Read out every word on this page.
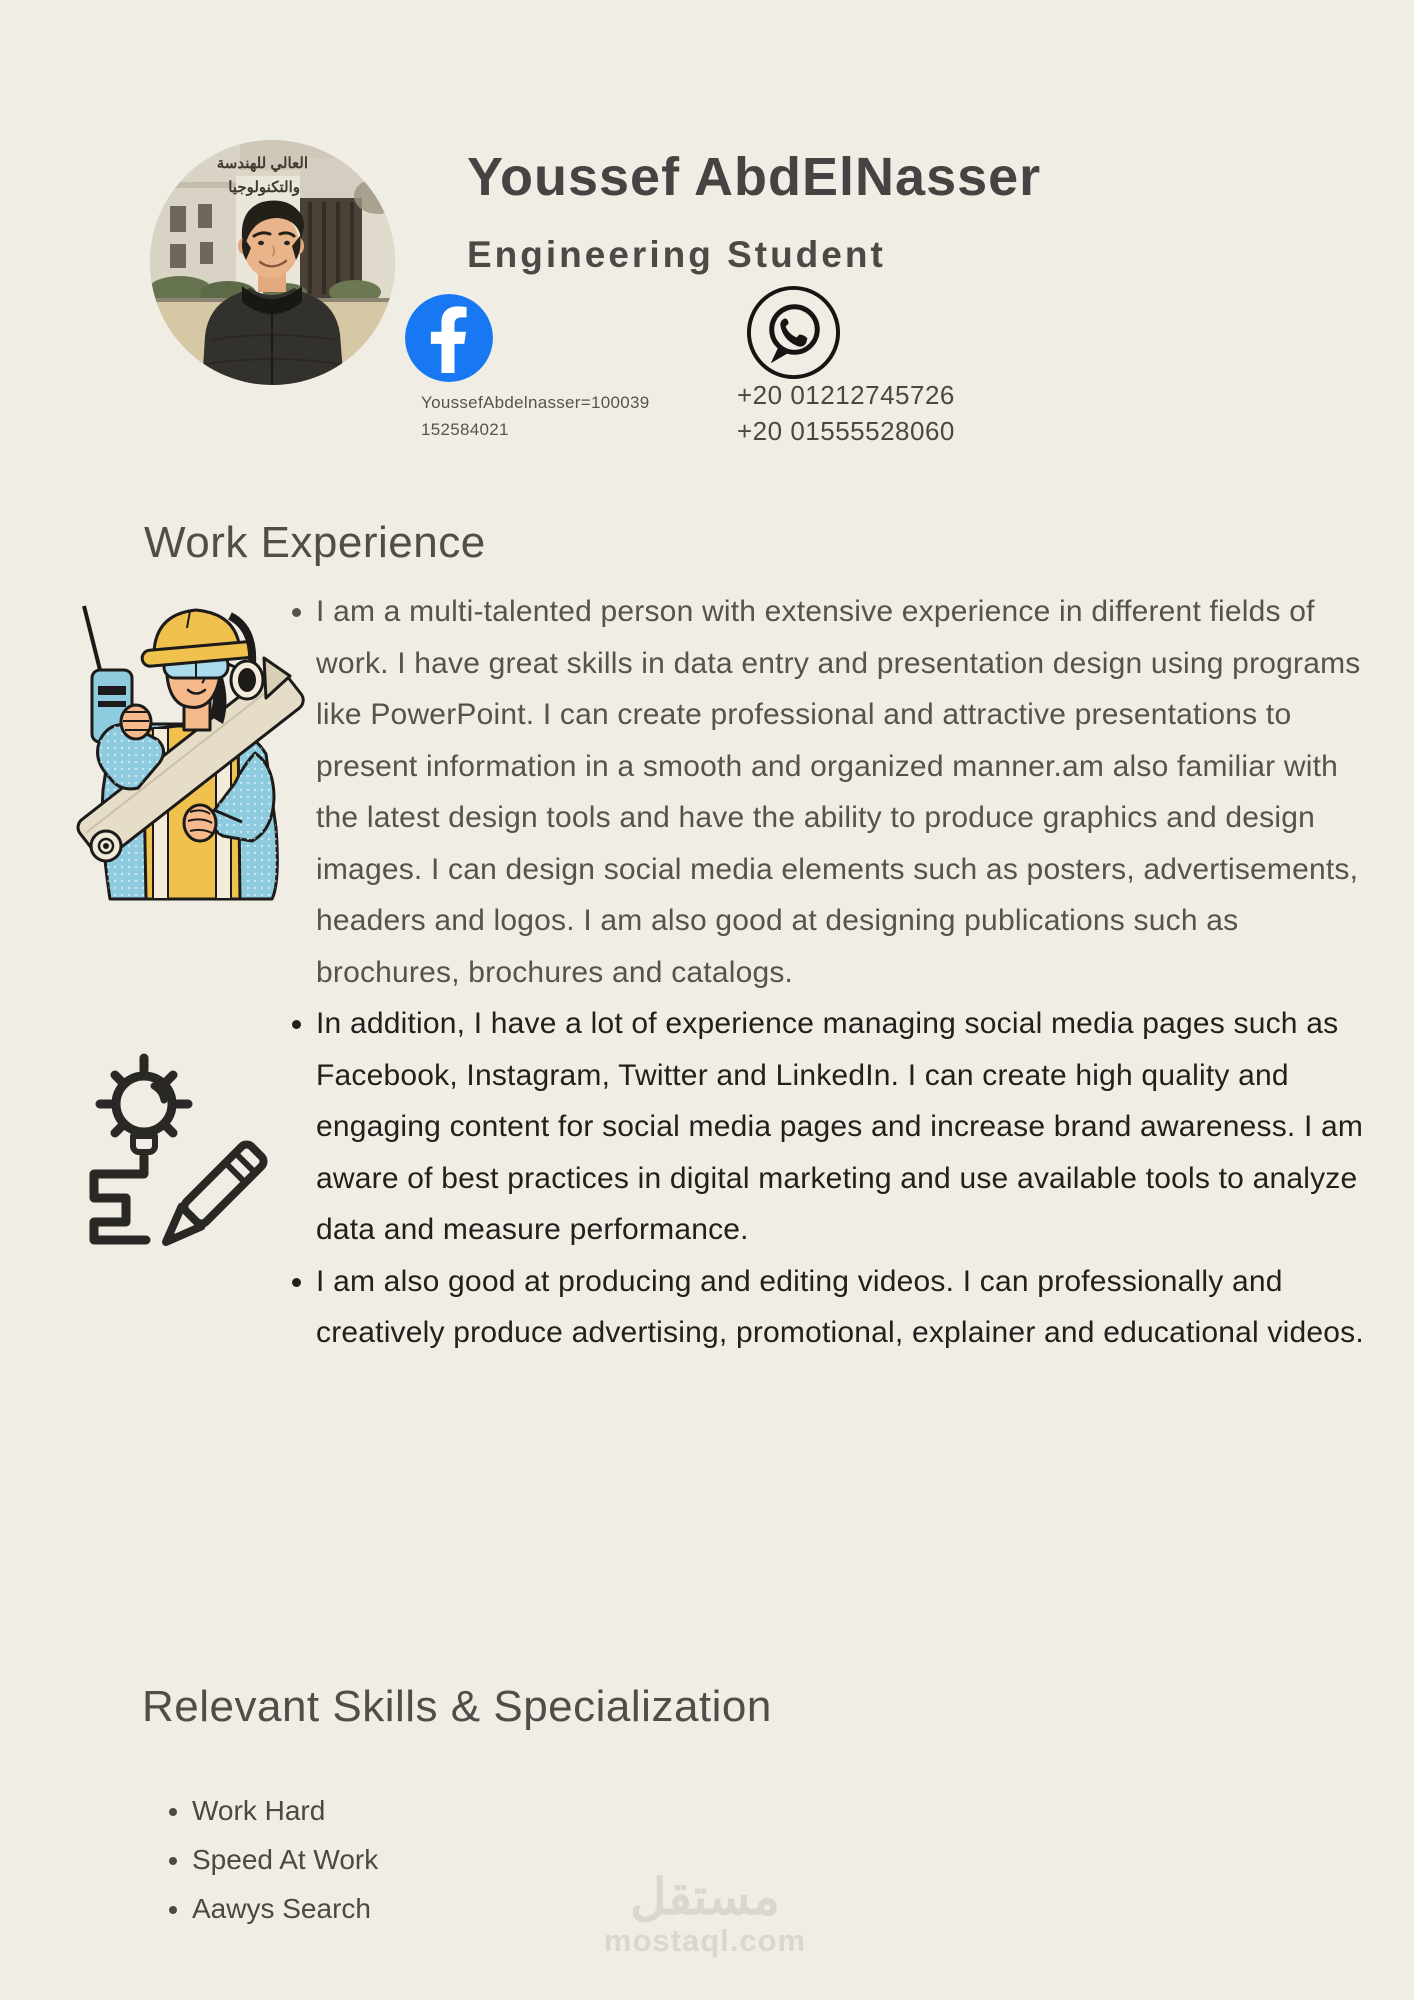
العالي للهندسة
والتكنولوجيا	Youssef AbdElNasser
Engineering Student
YoussefAbdelnasser=100039
152584021
+20 01212745726
+20 01555528060
Work Experience
• I am a multi-talented person with extensive experience in different fields of work. I have great skills in data entry and presentation design using programs like PowerPoint. I can create professional and attractive presentations to present information in a smooth and organized manner.am also familiar with the latest design tools and have the ability to produce graphics and design images. I can design social media elements such as posters, advertisements, headers and logos. I am also good at designing publications such as brochures, brochures and catalogs.
• In addition, I have a lot of experience managing social media pages such as Facebook, Instagram, Twitter and LinkedIn. I can create high quality and engaging content for social media pages and increase brand awareness. I am aware of best practices in digital marketing and use available tools to analyze data and measure performance.
• I am also good at producing and editing videos. I can professionally and creatively produce advertising, promotional, explainer and educational videos.
Relevant Skills & Specialization
• Work Hard
• Speed At Work
• Aawys Search	مستقل
mostaql.com
